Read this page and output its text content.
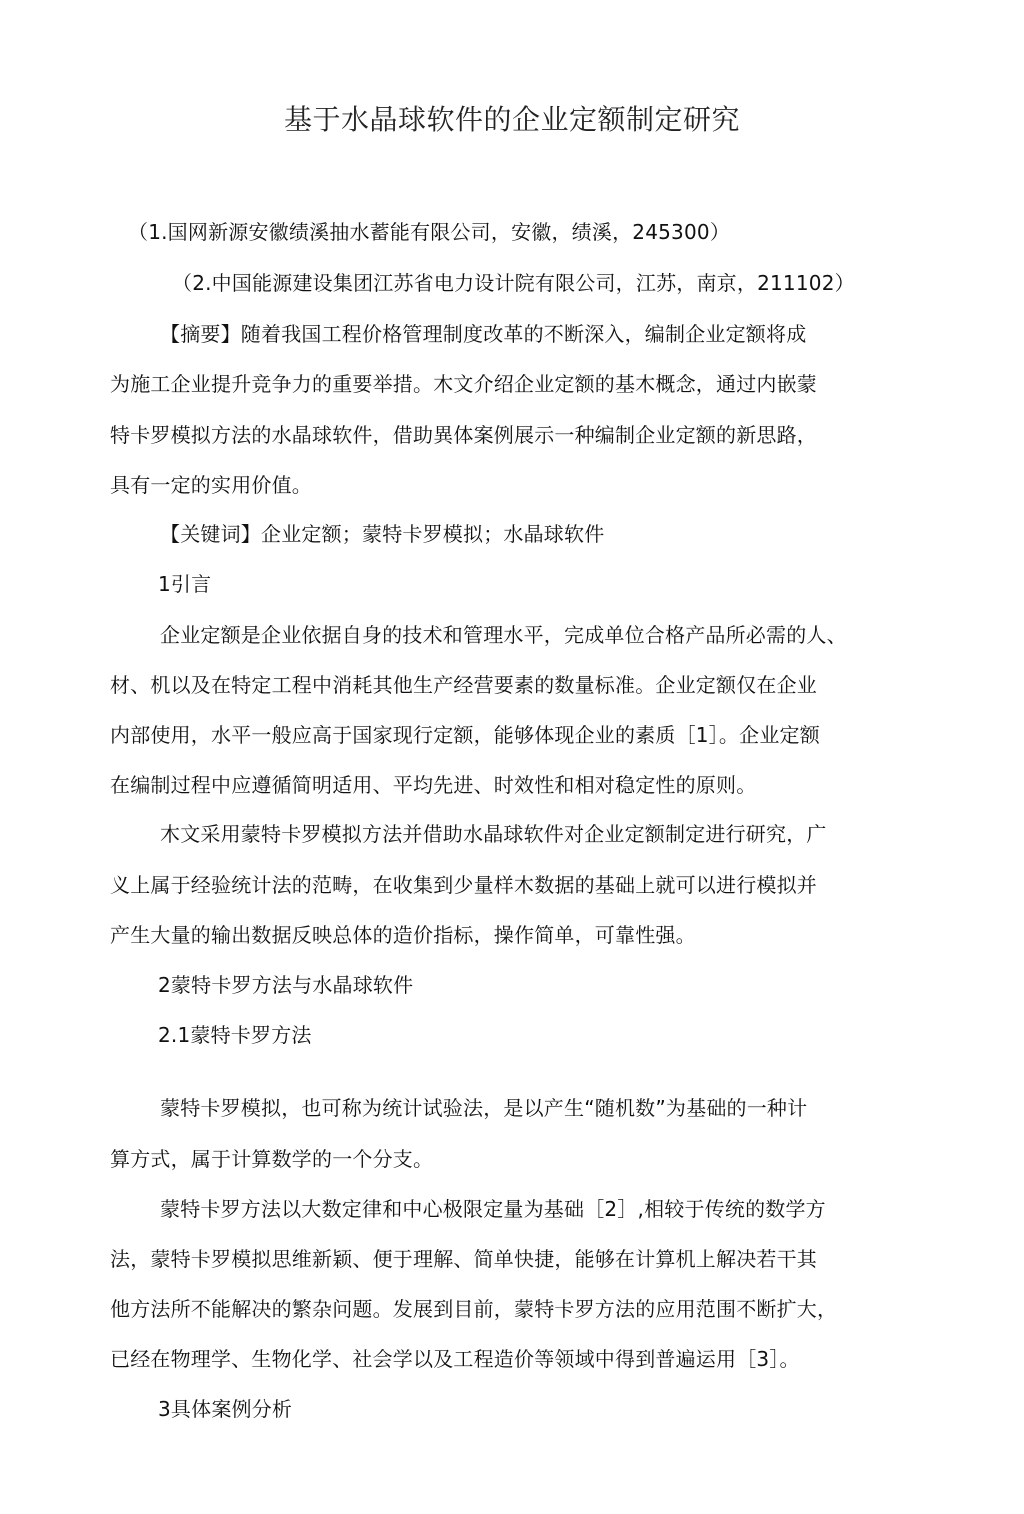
基于水晶球软件的企业定额制定研究
（1.国网新源安徽绩溪抽水蓄能有限公司，安徽，绩溪，245300）
（2.中国能源建设集团江苏省电力设计院有限公司，江苏，南京，211102）
【摘要】随着我国工程价格管理制度改革的不断深入，编制企业定额将成
为施工企业提升竞争力的重要举措。木文介绍企业定额的基木概念，通过内嵌蒙
特卡罗模拟方法的水晶球软件，借助異体案例展示一种编制企业定额的新思路，
具有一定的实用价值。
【关键词】企业定额；蒙特卡罗模拟；水晶球软件
1引言
企业定额是企业依据自身的技术和管理水平，完成单位合格产品所必需的人、
材、机以及在特定工程中消耗其他生产经营要素的数量标准。企业定额仅在企业
内部使用，水平一般应高于国家现行定额，能够体现企业的素质［1］。企业定额
在编制过程中应遵循简明适用、平均先进、时效性和相对稳定性的原则。
木文采用蒙特卡罗模拟方法并借助水晶球软件对企业定额制定进行研究，广
义上属于经验统计法的范畴，在收集到少量样木数据的基础上就可以进行模拟并
产生大量的输出数据反映总体的造价指标，操作简单，可靠性强。
2蒙特卡罗方法与水晶球软件
2.1蒙特卡罗方法
蒙特卡罗模拟，也可称为统计试验法，是以产生“随机数”为基础的一种计
算方式，属于计算数学的一个分支。
蒙特卡罗方法以大数定律和中心极限定量为基础［2］,相较于传统的数学方
法，蒙特卡罗模拟思维新颖、便于理解、简单快捷，能够在计算机上解决若干其
他方法所不能解决的繁杂问题。发展到目前，蒙特卡罗方法的应用范围不断扩大，
已经在物理学、生物化学、社会学以及工程造价等领域中得到普遍运用［3］。
3具体案例分析
